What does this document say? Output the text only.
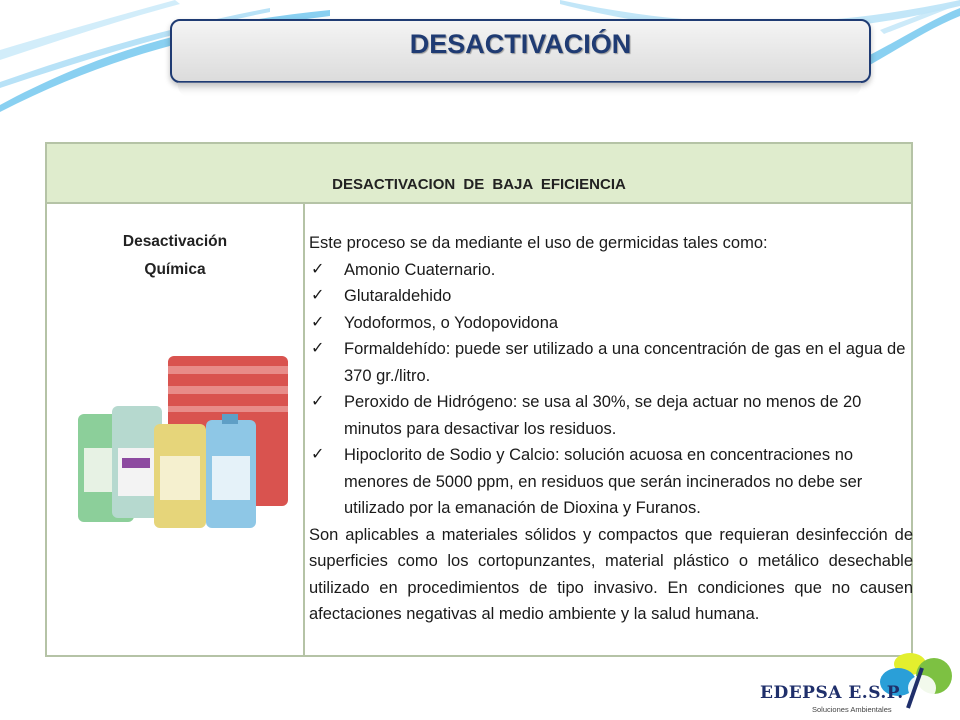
DESACTIVACIÓN
DESACTIVACION DE BAJA EFICIENCIA
Desactivación
Química

Este proceso se da mediante el uso de germicidas tales como:

✓ Amonio Cuaternario.
✓ Glutaraldehido
✓ Yodoformos, o Yodopovidona
✓ Formaldehído: puede ser utilizado a una concentración de gas en el agua de 370 gr./litro.
✓ Peroxido de Hidrógeno: se usa al 30%, se deja actuar no menos de 20 minutos para desactivar los residuos.
✓ Hipoclorito de Sodio y Calcio: solución acuosa en concentraciones no menores de 5000 ppm, en residuos que serán incinerados no debe ser utilizado por la emanación de Dioxina y Furanos.

Son aplicables a materiales sólidos y compactos que requieran desinfección de superficies como los cortopunzantes, material plástico o metálico desechable utilizado en procedimientos de tipo invasivo. En condiciones que no causen afectaciones negativas al medio ambiente y la salud humana.

EDEPSA E.S.P.
Soluciones Ambientales
